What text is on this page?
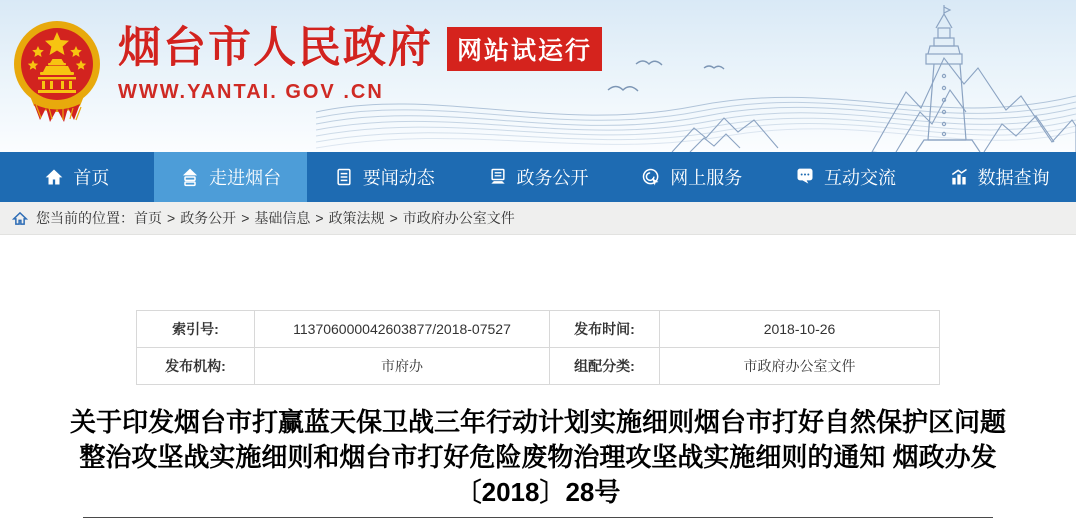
烟台市人民政府 网站试运行
WWW.YANTAI. GOV .CN
首页	走进烟台	要闻动态	政务公开	网上服务	互动交流	数据查询
您当前的位置： 首页 > 政务公开 > 基础信息 > 政策法规 > 市政府办公室文件
索引号:	113706000042603877/2018-07527	发布时间:	2018-10-26
发布机构:	市府办	组配分类:	市政府办公室文件
关于印发烟台市打赢蓝天保卫战三年行动计划实施细则烟台市打好自然保护区问题
整治攻坚战实施细则和烟台市打好危险废物治理攻坚战实施细则的通知 烟政办发
〔2018〕28号
